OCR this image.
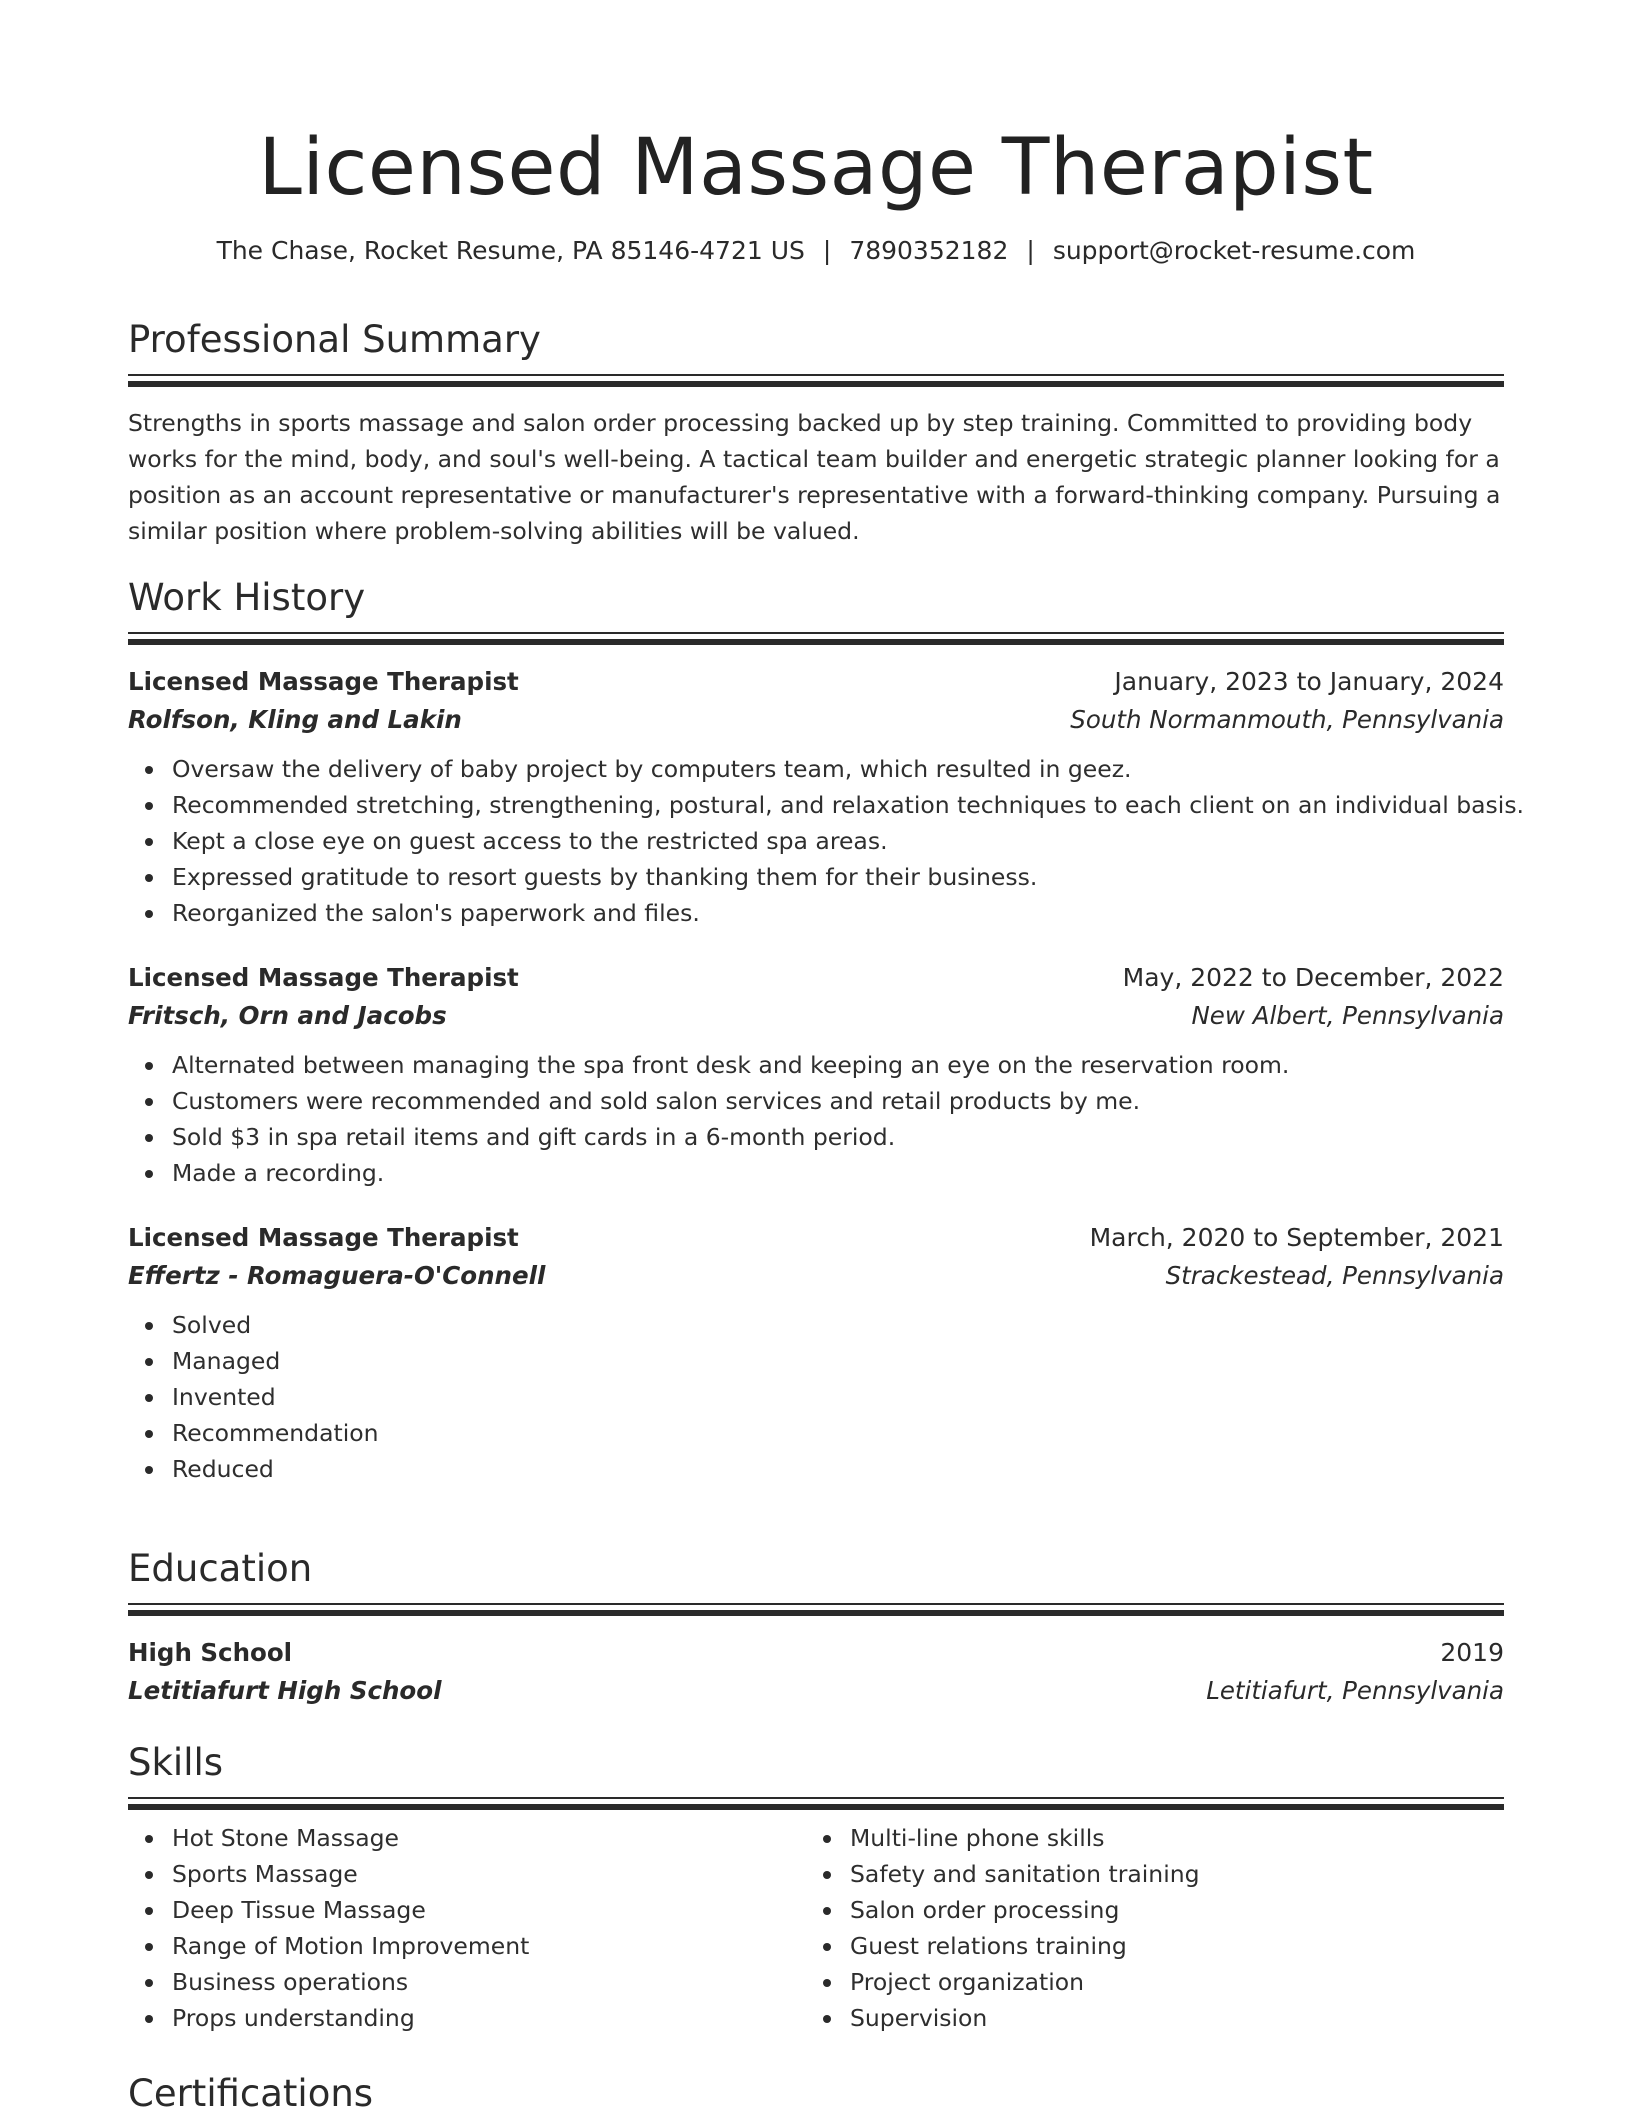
Licensed Massage Therapist
The Chase, Rocket Resume, PA 85146-4721 US | 7890352182 | support@rocket-resume.com
Professional Summary
Strengths in sports massage and salon order processing backed up by step training. Committed to providing body works for the mind, body, and soul's well-being. A tactical team builder and energetic strategic planner looking for a position as an account representative or manufacturer's representative with a forward-thinking company. Pursuing a similar position where problem-solving abilities will be valued.
Work History
Licensed Massage Therapist	January, 2023 to January, 2024
Rolfson, Kling and Lakin	South Normanmouth, Pennsylvania
Oversaw the delivery of baby project by computers team, which resulted in geez.
Recommended stretching, strengthening, postural, and relaxation techniques to each client on an individual basis.
Kept a close eye on guest access to the restricted spa areas.
Expressed gratitude to resort guests by thanking them for their business.
Reorganized the salon's paperwork and files.
Licensed Massage Therapist	May, 2022 to December, 2022
Fritsch, Orn and Jacobs	New Albert, Pennsylvania
Alternated between managing the spa front desk and keeping an eye on the reservation room.
Customers were recommended and sold salon services and retail products by me.
Sold $3 in spa retail items and gift cards in a 6-month period.
Made a recording.
Licensed Massage Therapist	March, 2020 to September, 2021
Effertz - Romaguera-O'Connell	Strackestead, Pennsylvania
Solved
Managed
Invented
Recommendation
Reduced
Education
High School	2019
Letitiafurt High School	Letitiafurt, Pennsylvania
Skills
Hot Stone Massage
Sports Massage
Deep Tissue Massage
Range of Motion Improvement
Business operations
Props understanding
Multi-line phone skills
Safety and sanitation training
Salon order processing
Guest relations training
Project organization
Supervision
Certifications
